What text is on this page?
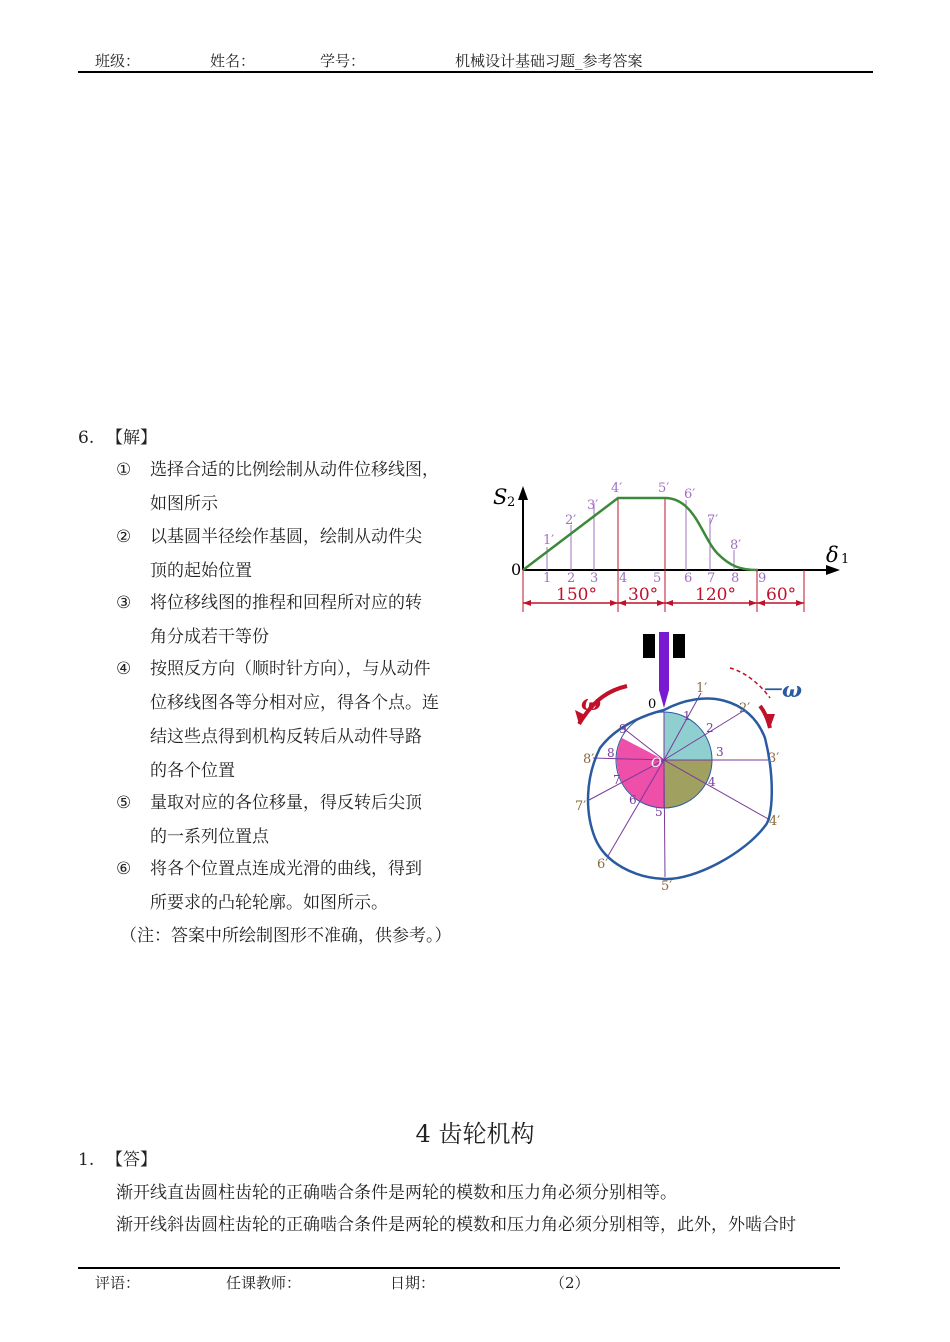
班级：	姓名：	学号：	机械设计基础习题_参考答案
6. 【解】
① 选择合适的比例绘制从动件位移线图，
如图所示
② 以基圆半径绘作基圆，绘制从动件尖
顶的起始位置
③ 将位移线图的推程和回程所对应的转
角分成若干等份
④ 按照反方向（顺时针方向），与从动件
位移线图各等分相对应，得各个点。连
结这些点得到机构反转后从动件导路
的各个位置
⑤ 量取对应的各位移量，得反转后尖顶
的一系列位置点
⑥ 将各个位置点连成光滑的曲线，得到
所要求的凸轮轮廓。如图所示。
（注：答案中所绘制图形不准确，供参考。）
S 2
δ 1
0
1′
2′
3′
4′	5′ 6′
7′
8′
1 2 3 4 5 6 7 8 9
150° 30° 120° 60°
ω
－ω
0
O
1
2
3
4
5
6
7
8
9
1′
2′
3′
4′
5′
6′
7′
8′
4 齿轮机构
1. 【答】
渐开线直齿圆柱齿轮的正确啮合条件是两轮的模数和压力角必须分别相等。
渐开线斜齿圆柱齿轮的正确啮合条件是两轮的模数和压力角必须分别相等，此外，外啮合时
评语：	任课教师：	日期：	（2）
